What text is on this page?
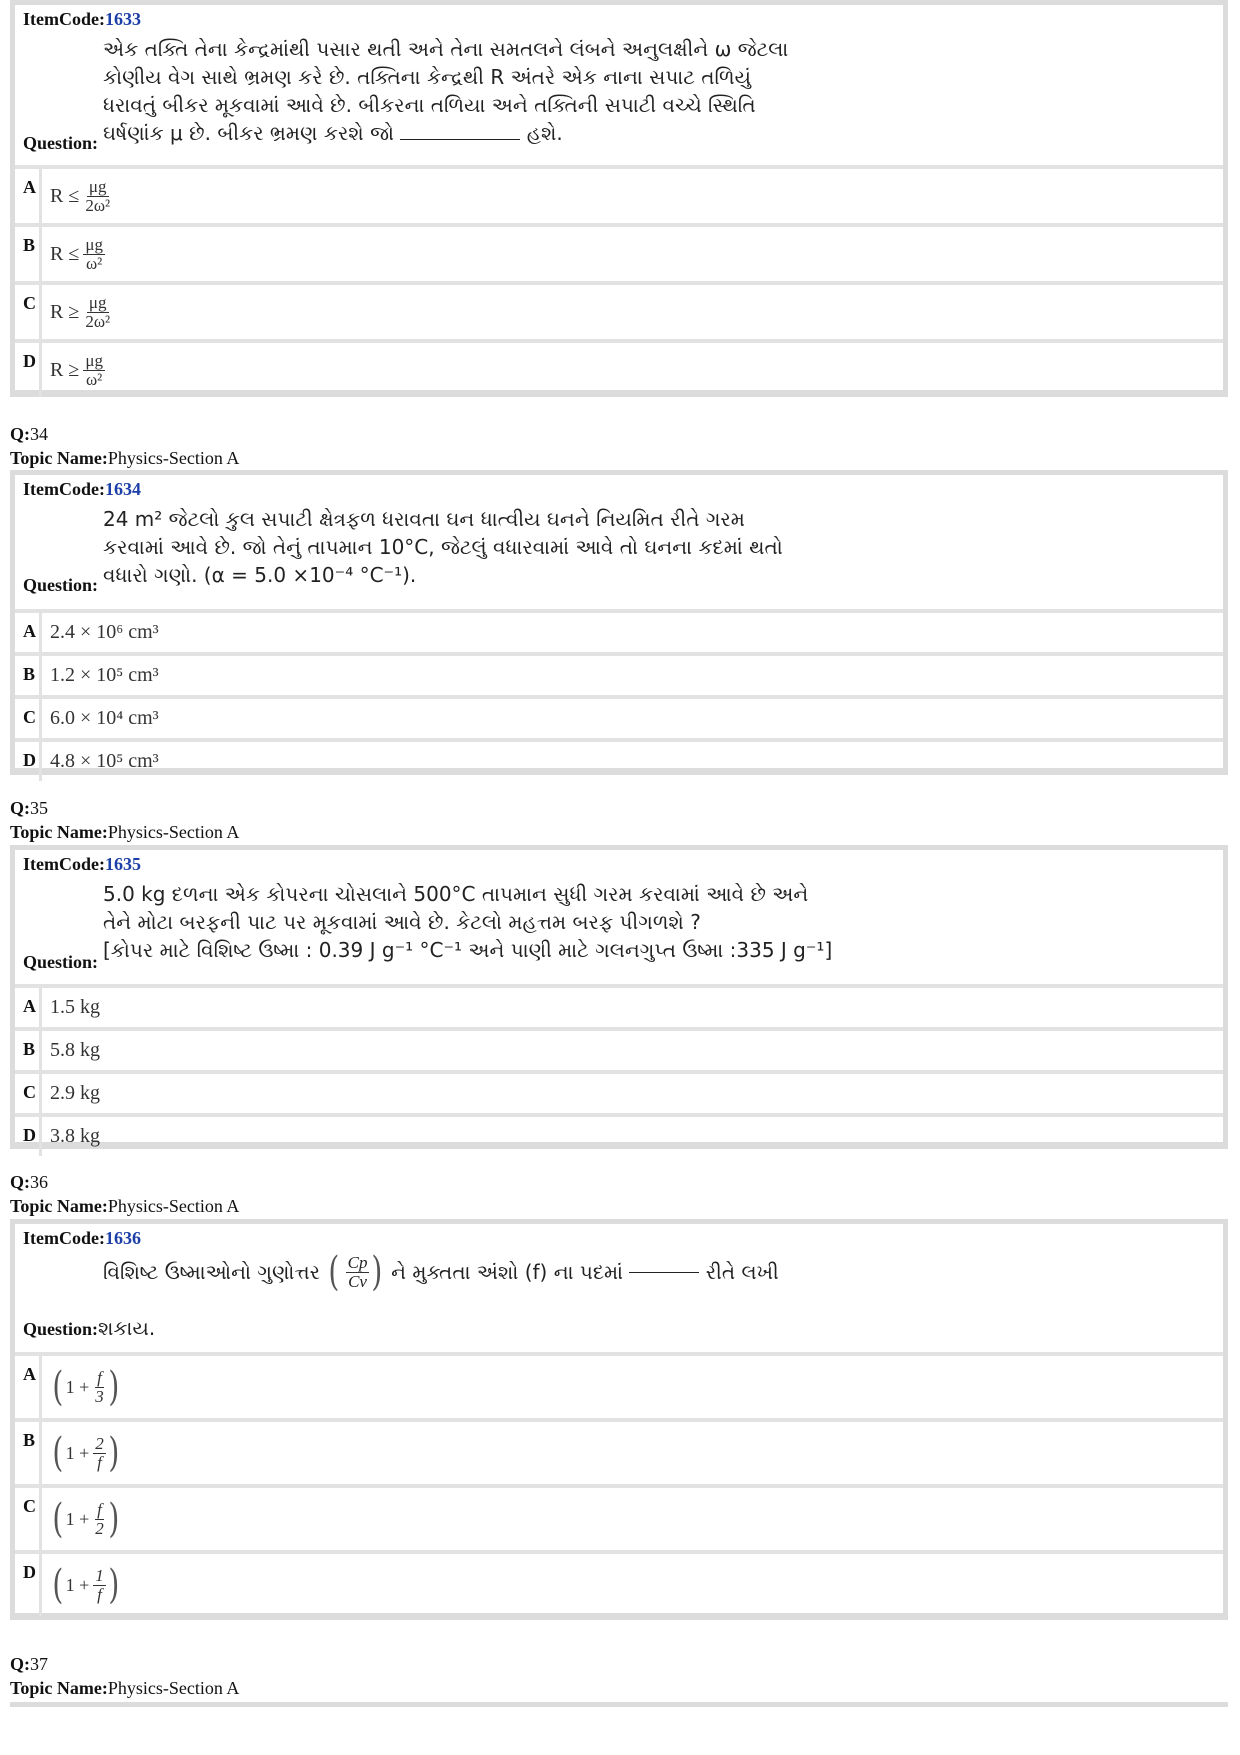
ItemCode:1633
એક તક્તિ તેના કેન્દ્રમાંથી પસાર થતી અને તેના સમતલને લંબને અનુલક્ષીને ω જેટલા
કોણીય વેગ સાથે ભ્રમણ કરે છે. તક્તિના કેન્દ્રથી R અંતરે એક નાના સપાટ તળિયું
ધરાવતું બીકર મૂકવામાં આવે છે. બીકરના તળિયા અને તક્તિની સપાટી વચ્ચે સ્થિતિ
ઘર્ષણાંક μ છે. બીકર ભ્રમણ કરશે જો	હશે.
Question:
A $R \le \frac{\mu g}{\text{2ω²}}$
B $R \le \frac{\mu g}{\text{ω²}}$
C $R \ge \frac{\mu g}{\text{2ω²}}$
D $R \ge \frac{\mu g}{\text{ω²}}$
Q:34
Topic Name:Physics-Section A
ItemCode:1634
24 m² જેટલો કુલ સપાટી ક્ષેત્રફળ ધરાવતા ઘન ધાત્વીય ઘનને નિયમિત રીતે ગરમ
કરવામાં આવે છે. જો તેનું તાપમાન 10°C, જેટલું વધારવામાં આવે તો ઘનના કદમાં થતો
વધારો ગણો. (α = 5.0 ×10⁻⁴ °C⁻¹).
Question:
A 2.4 × 10⁶ cm³
B 1.2 × 10⁵ cm³
C 6.0 × 10⁴ cm³
D 4.8 × 10⁵ cm³
Q:35
Topic Name:Physics-Section A
ItemCode:1635
5.0 kg દળના એક કોપરના ચોસલાને 500°C તાપમાન સુધી ગરમ કરવામાં આવે છે અને
તેને મોટા બરફની પાટ પર મૂકવામાં આવે છે. કેટલો મહત્તમ બરફ પીગળશે ?
[કોપર માટે વિશિષ્ટ ઉષ્મા : 0.39 J g⁻¹ °C⁻¹ અને પાણી માટે ગલનગુપ્ત ઉષ્મા :335 J g⁻¹]
Question:
A 1.5 kg
B 5.8 kg
C 2.9 kg
D 3.8 kg
Q:36
Topic Name:Physics-Section A
ItemCode:1636
વિશિષ્ટ ઉષ્માઓનો ગુણોત્તર ( $\frac{Cp}{Cv}$ ) ને મુક્તતા અંશો (f) ના પદમાં

	રીતે લખી
Question:શકાય.
A ( $1 + \frac{f}{3}$ )
B ( $1 + \frac{2}{f}$ )
C ( $1 + \frac{f}{2}$ )
D ( $1 + \frac{1}{f}$ )
Q:37
Topic Name:Physics-Section A
